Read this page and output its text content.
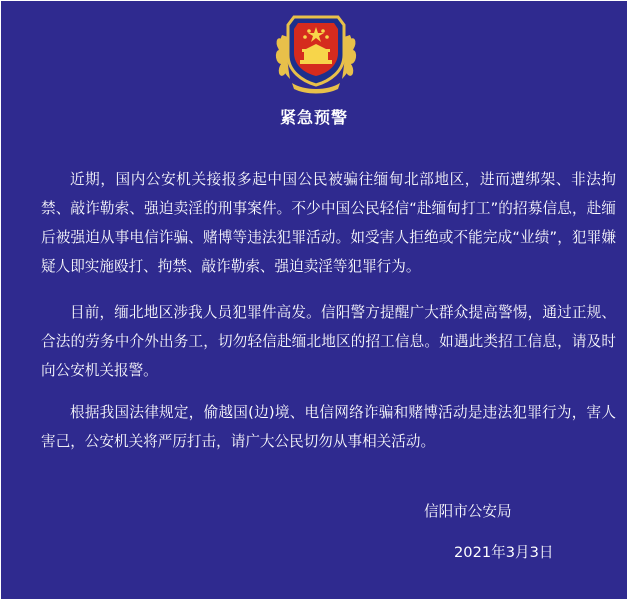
紧急预警

近期，国内公安机关接报多起中国公民被骗往缅甸北部地区，进而遭绑架、非法拘禁、敲诈勒索、强迫卖淫的刑事案件。不少中国公民轻信“赴缅甸打工”的招募信息，赴缅后被强迫从事电信诈骗、赌博等违法犯罪活动。如受害人拒绝或不能完成“业绩”，犯罪嫌疑人即实施殴打、拘禁、敲诈勒索、强迫卖淫等犯罪行为。

目前，缅北地区涉我人员犯罪件高发。信阳警方提醒广大群众提高警惕，通过正规、合法的劳务中介外出务工，切勿轻信赴缅北地区的招工信息。如遇此类招工信息，请及时向公安机关报警。

根据我国法律规定，偷越国(边)境、电信网络诈骗和赌博活动是违法犯罪行为，害人害己，公安机关将严厉打击，请广大公民切勿从事相关活动。

信阳市公安局
2021年3月3日
